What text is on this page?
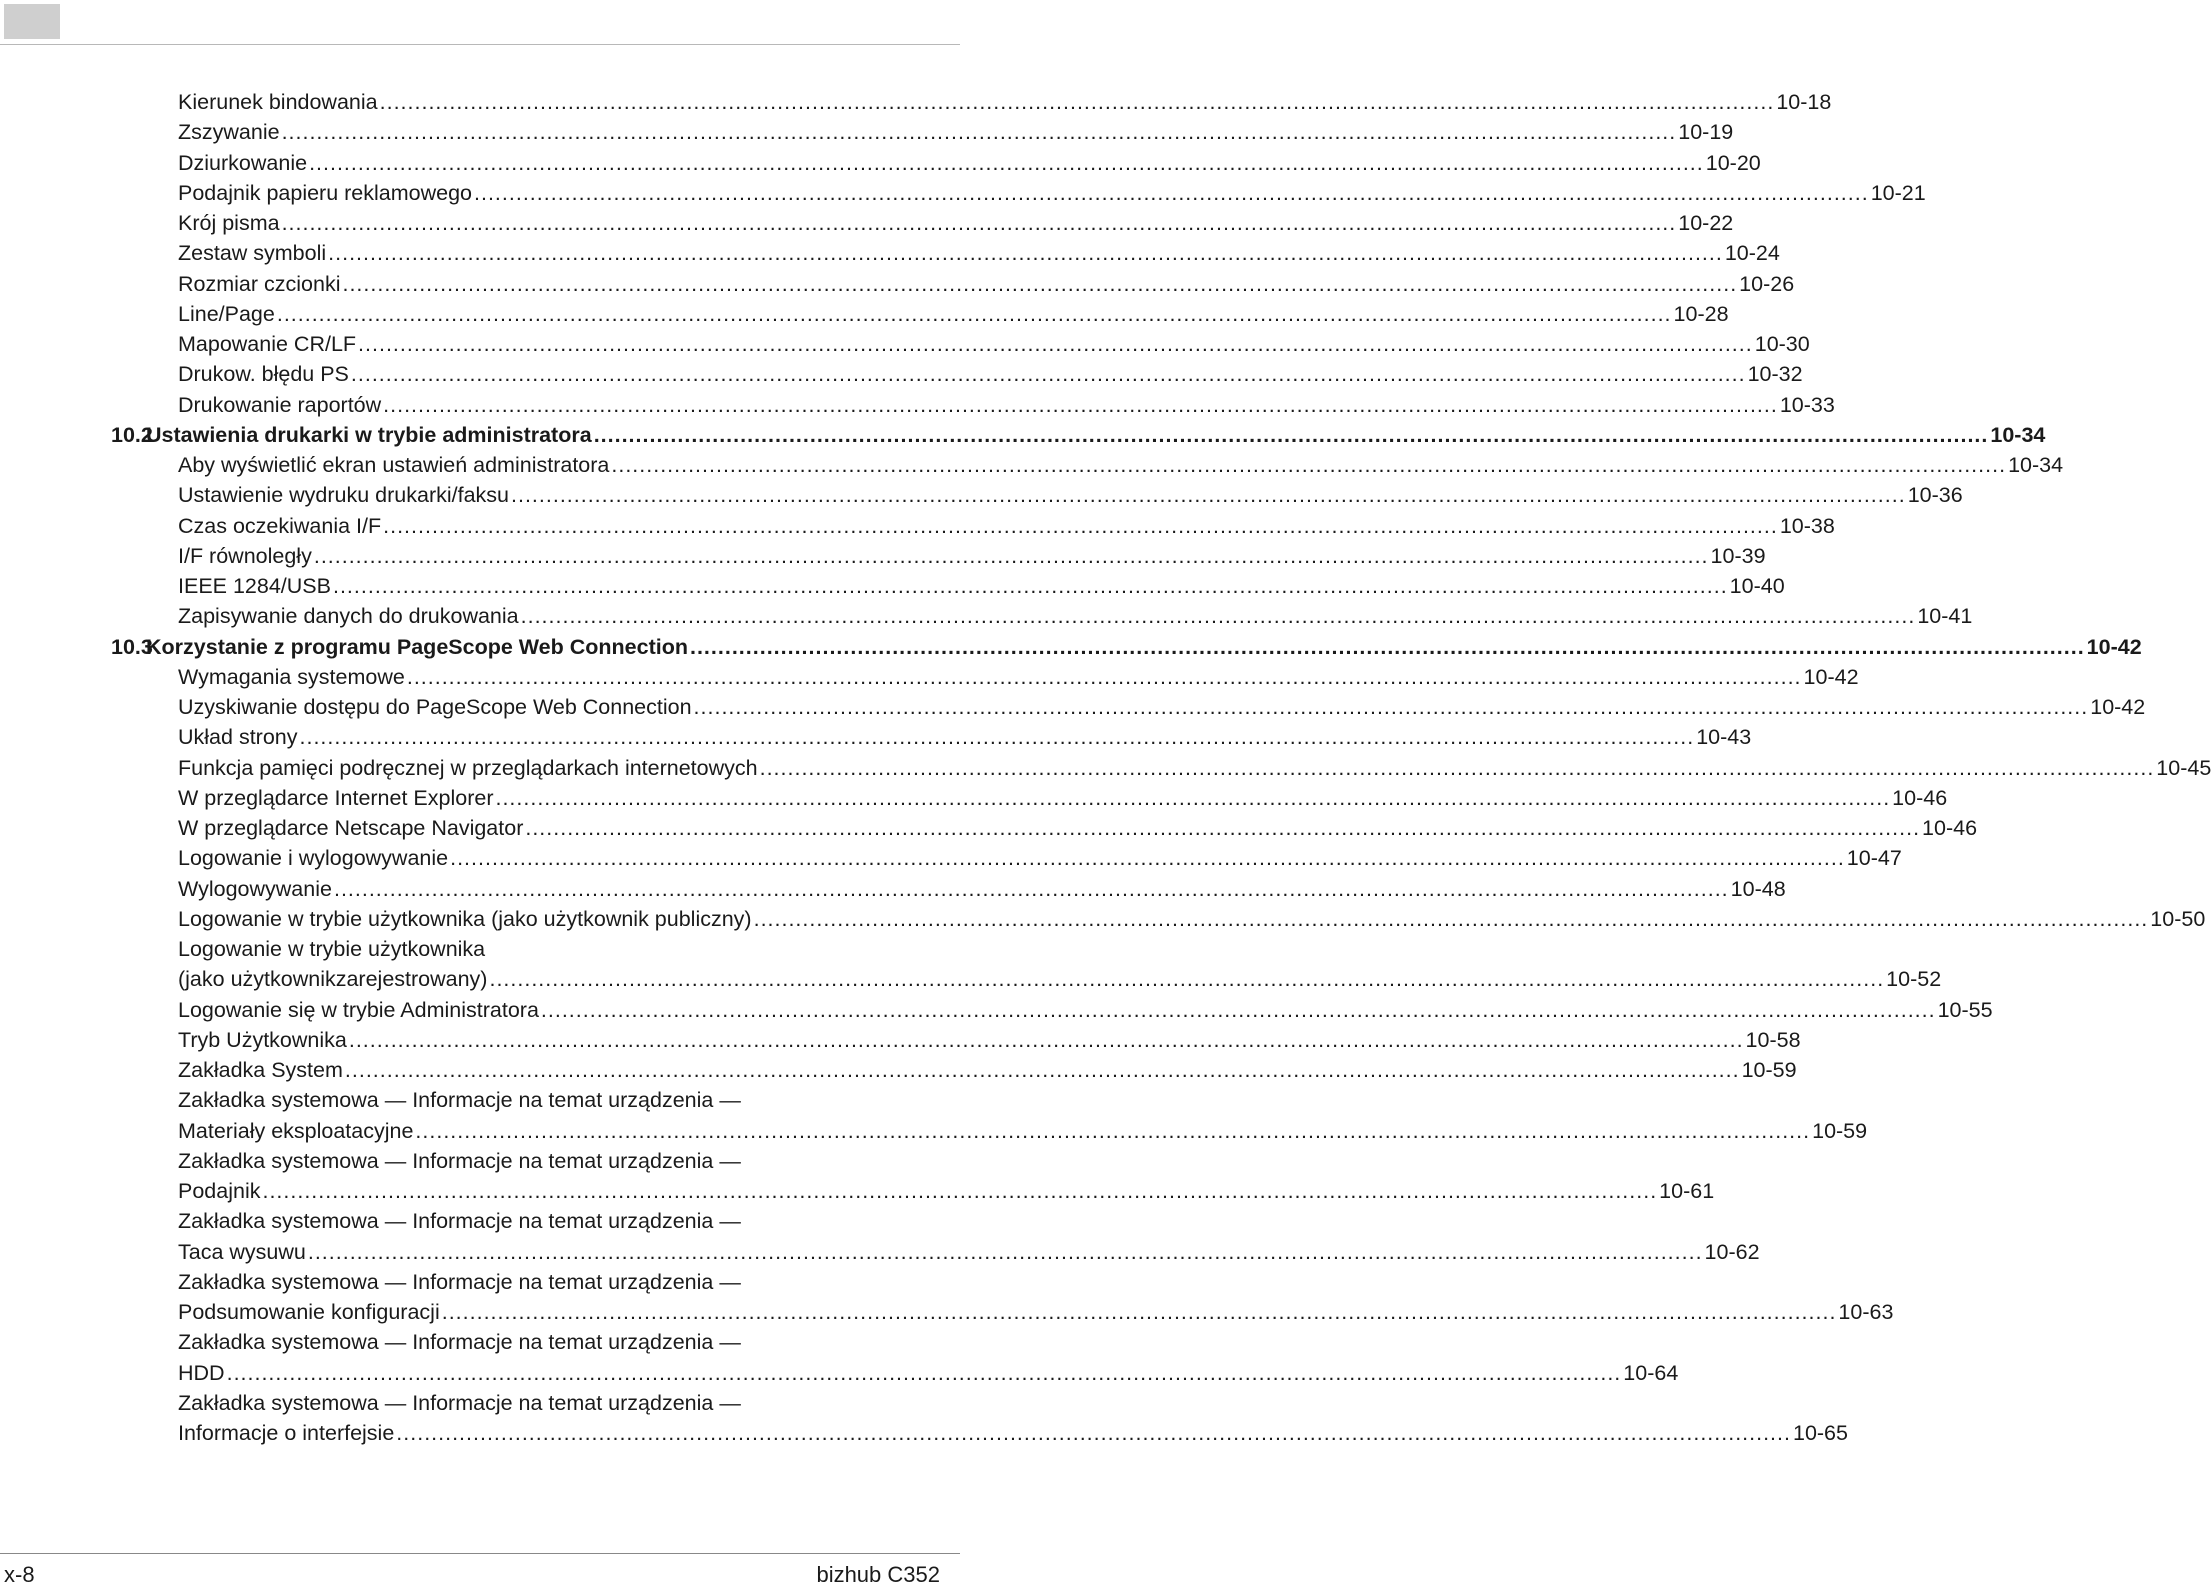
Kierunek bindowania ........................................................................................................................................................................................................ 10-18
Zszywanie ........................................................................................................................................................................................................ 10-19
Dziurkowanie ........................................................................................................................................................................................................ 10-20
Podajnik papieru reklamowego ........................................................................................................................................................................................................ 10-21
Krój pisma ........................................................................................................................................................................................................ 10-22
Zestaw symboli ........................................................................................................................................................................................................ 10-24
Rozmiar czcionki ........................................................................................................................................................................................................ 10-26
Line/Page ........................................................................................................................................................................................................ 10-28
Mapowanie CR/LF ........................................................................................................................................................................................................ 10-30
Drukow. błędu PS ........................................................................................................................................................................................................ 10-32
Drukowanie raportów ........................................................................................................................................................................................................ 10-33
10.2
Ustawienia drukarki w trybie administratora ........................................................................................................................................................................................................ 10-34
Aby wyświetlić ekran ustawień administratora ........................................................................................................................................................................................................ 10-34
Ustawienie wydruku drukarki/faksu ........................................................................................................................................................................................................ 10-36
Czas oczekiwania I/F ........................................................................................................................................................................................................ 10-38
I/F równoległy ........................................................................................................................................................................................................ 10-39
IEEE 1284/USB ........................................................................................................................................................................................................ 10-40
Zapisywanie danych do drukowania ........................................................................................................................................................................................................ 10-41
10.3
Korzystanie z programu PageScope Web Connection ........................................................................................................................................................................................................ 10-42
Wymagania systemowe ........................................................................................................................................................................................................ 10-42
Uzyskiwanie dostępu do PageScope Web Connection ........................................................................................................................................................................................................ 10-42
Układ strony ........................................................................................................................................................................................................ 10-43
Funkcja pamięci podręcznej w przeglądarkach internetowych ........................................................................................................................................................................................................ 10-45
W przeglądarce Internet Explorer ........................................................................................................................................................................................................ 10-46
W przeglądarce Netscape Navigator ........................................................................................................................................................................................................ 10-46
Logowanie i wylogowywanie ........................................................................................................................................................................................................ 10-47
Wylogowywanie ........................................................................................................................................................................................................ 10-48
Logowanie w trybie użytkownika (jako użytkownik publiczny) ........................................................................................................................................................................................................ 10-50
Logowanie w trybie użytkownika
(jako użytkownikzarejestrowany) ........................................................................................................................................................................................................ 10-52
Logowanie się w trybie Administratora ........................................................................................................................................................................................................ 10-55
Tryb Użytkownika ........................................................................................................................................................................................................ 10-58
Zakładka System ........................................................................................................................................................................................................ 10-59
Zakładka systemowa — Informacje na temat urządzenia —
Materiały eksploatacyjne ........................................................................................................................................................................................................ 10-59
Zakładka systemowa — Informacje na temat urządzenia —
Podajnik ........................................................................................................................................................................................................ 10-61
Zakładka systemowa — Informacje na temat urządzenia —
Taca wysuwu ........................................................................................................................................................................................................ 10-62
Zakładka systemowa — Informacje na temat urządzenia —
Podsumowanie konfiguracji ........................................................................................................................................................................................................ 10-63
Zakładka systemowa — Informacje na temat urządzenia —
HDD ........................................................................................................................................................................................................ 10-64
Zakładka systemowa — Informacje na temat urządzenia —
Informacje o interfejsie ........................................................................................................................................................................................................ 10-65
x-8	bizhub C352
